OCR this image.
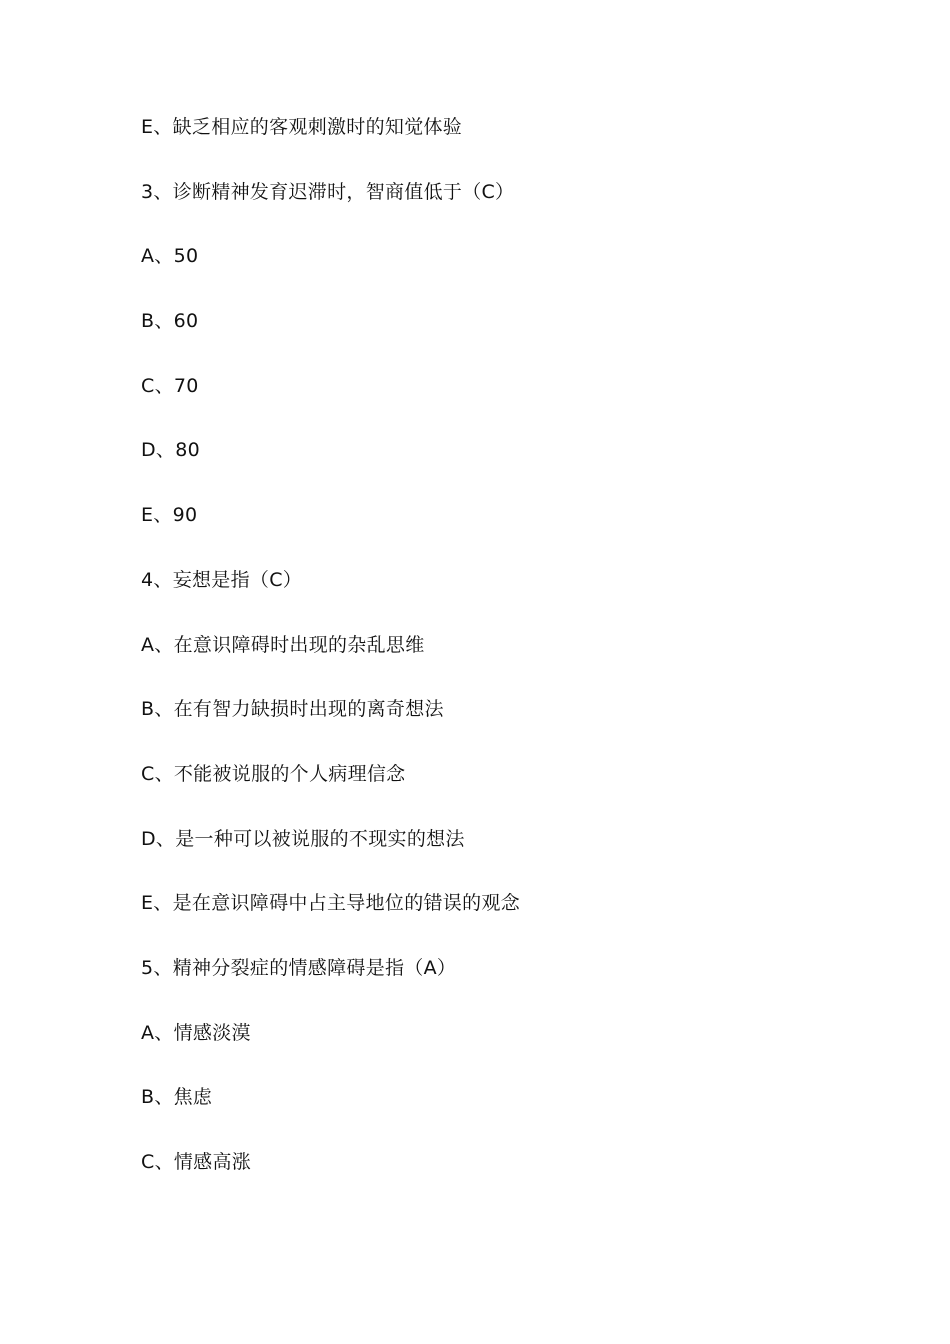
E、缺乏相应的客观刺激时的知觉体验
3、诊断精神发育迟滞时，智商值低于（C）
A、50
B、60
C、70
D、80
E、90
4、妄想是指（C）
A、在意识障碍时出现的杂乱思维
B、在有智力缺损时出现的离奇想法
C、不能被说服的个人病理信念
D、是一种可以被说服的不现实的想法
E、是在意识障碍中占主导地位的错误的观念
5、精神分裂症的情感障碍是指（A）
A、情感淡漠
B、焦虑
C、情感高涨
